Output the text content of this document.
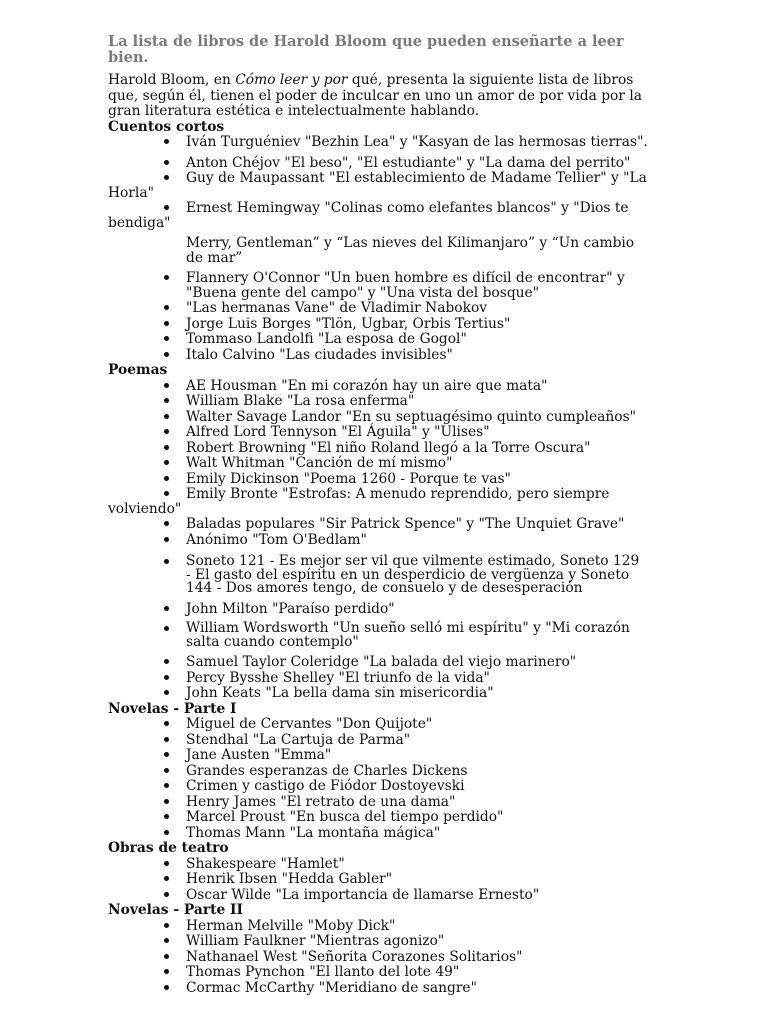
La lista de libros de Harold Bloom que pueden enseñarte a leer bien.

Harold Bloom, en Cómo leer y por qué, presenta la siguiente lista de libros que, según él, tienen el poder de inculcar en uno un amor de por vida por la gran literatura estética e intelectualmente hablando.

Cuentos cortos
Iván Turguéniev "Bezhin Lea" y "Kasyan de las hermosas tierras".
Anton Chéjov "El beso", "El estudiante" y "La dama del perrito"
Guy de Maupassant "El establecimiento de Madame Tellier" y "La Horla"
Ernest Hemingway "Colinas como elefantes blancos" y "Dios te bendiga"
Merry, Gentleman” y “Las nieves del Kilimanjaro” y “Un cambio de mar”
Flannery O'Connor "Un buen hombre es difícil de encontrar" y "Buena gente del campo" y "Una vista del bosque"
"Las hermanas Vane" de Vladimir Nabokov
Jorge Luis Borges "Tlön, Ugbar, Orbis Tertius"
Tommaso Landolfi "La esposa de Gogol"
Italo Calvino "Las ciudades invisibles"
Poemas
AE Housman "En mi corazón hay un aire que mata"
William Blake "La rosa enferma"
Walter Savage Landor "En su septuagésimo quinto cumpleaños"
Alfred Lord Tennyson "El Águila" y "Ulises"
Robert Browning "El niño Roland llegó a la Torre Oscura"
Walt Whitman "Canción de mí mismo"
Emily Dickinson "Poema 1260 - Porque te vas"
Emily Bronte "Estrofas: A menudo reprendido, pero siempre volviendo"
Baladas populares "Sir Patrick Spence" y "The Unquiet Grave"
Anónimo "Tom O'Bedlam"
Soneto 121 - Es mejor ser vil que vilmente estimado, Soneto 129 - El gasto del espíritu en un desperdicio de vergüenza y Soneto 144 - Dos amores tengo, de consuelo y de desesperación
John Milton "Paraíso perdido"
William Wordsworth "Un sueño selló mi espíritu" y "Mi corazón salta cuando contemplo"
Samuel Taylor Coleridge "La balada del viejo marinero"
Percy Bysshe Shelley "El triunfo de la vida"
John Keats "La bella dama sin misericordia"
Novelas - Parte I
Miguel de Cervantes "Don Quijote"
Stendhal "La Cartuja de Parma"
Jane Austen "Emma"
Grandes esperanzas de Charles Dickens
Crimen y castigo de Fiódor Dostoyevski
Henry James "El retrato de una dama"
Marcel Proust "En busca del tiempo perdido"
Thomas Mann "La montaña mágica"
Obras de teatro
Shakespeare "Hamlet"
Henrik Ibsen "Hedda Gabler"
Oscar Wilde "La importancia de llamarse Ernesto"
Novelas - Parte II
Herman Melville "Moby Dick"
William Faulkner "Mientras agonizo"
Nathanael West "Señorita Corazones Solitarios"
Thomas Pynchon "El llanto del lote 49"
Cormac McCarthy "Meridiano de sangre"
